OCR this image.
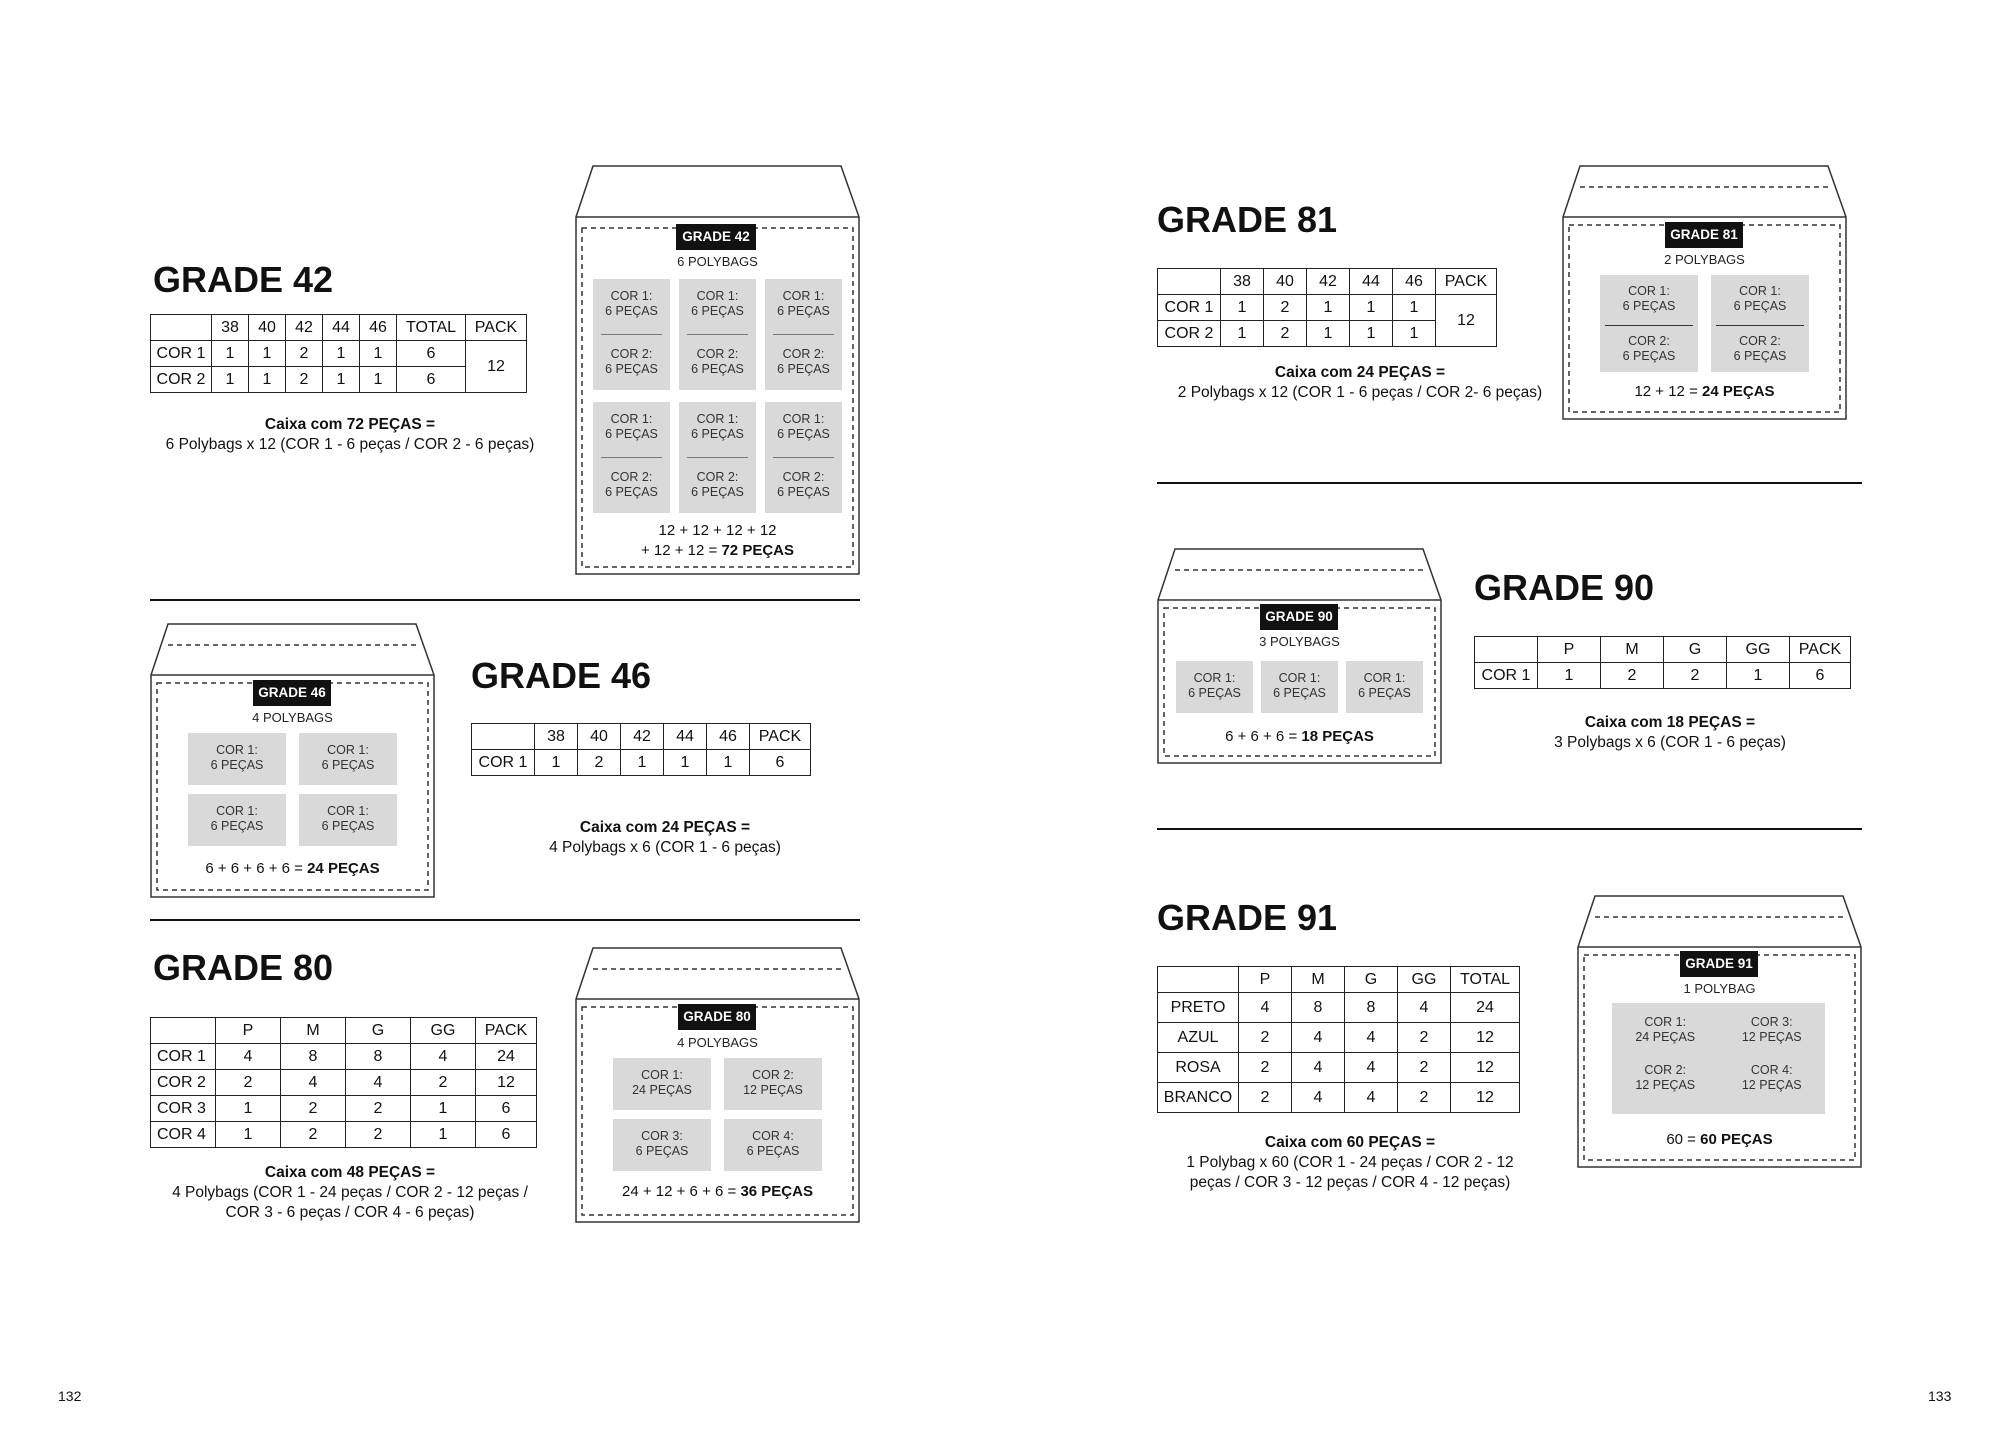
GRADE 42
	38	40	42	44	46	TOTAL	PACK
COR 1	1	1	2	1	1	6	12
COR 2	1	1	2	1	1	6	
Caixa com 72 PEÇAS =
6 Polybags x 12 (COR 1 - 6 peças / COR 2 - 6 peças)
GRADE 42
6 POLYBAGS
COR 1:
6 PEÇAS
COR 2:
6 PEÇAS
COR 1:
6 PEÇAS
COR 2:
6 PEÇAS
COR 1:
6 PEÇAS
COR 2:
6 PEÇAS
COR 1:
6 PEÇAS
COR 2:
6 PEÇAS
COR 1:
6 PEÇAS
COR 2:
6 PEÇAS
COR 1:
6 PEÇAS
COR 2:
6 PEÇAS
12 + 12 + 12 + 12
+ 12 + 12 = 72 PEÇAS
GRADE 46
4 POLYBAGS
COR 1:
6 PEÇAS
COR 1:
6 PEÇAS
COR 1:
6 PEÇAS
COR 1:
6 PEÇAS
6 + 6 + 6 + 6 = 24 PEÇAS
GRADE 46
	38	40	42	44	46	PACK
COR 1	1	2	1	1	1	6
Caixa com 24 PEÇAS =
4 Polybags x 6 (COR 1 - 6 peças)
GRADE 80
	P	M	G	GG	PACK
COR 1	4	8	8	4	24
COR 2	2	4	4	2	12
COR 3	1	2	2	1	6
COR 4	1	2	2	1	6
Caixa com 48 PEÇAS =
4 Polybags (COR 1 - 24 peças / COR 2 - 12 peças /
COR 3 - 6 peças / COR 4 - 6 peças)
GRADE 80
4 POLYBAGS
COR 1:
24 PEÇAS
COR 2:
12 PEÇAS
COR 3:
6 PEÇAS
COR 4:
6 PEÇAS
24 + 12 + 6 + 6 = 36 PEÇAS
132
GRADE 81
	38	40	42	44	46	PACK
COR 1	1	2	1	1	1	12
COR 2	1	2	1	1	1	
Caixa com 24 PEÇAS =
2 Polybags x 12 (COR 1 - 6 peças / COR 2- 6 peças)
GRADE 81
2 POLYBAGS
COR 1:
6 PEÇAS
COR 2:
6 PEÇAS
COR 1:
6 PEÇAS
COR 2:
6 PEÇAS
12 + 12 = 24 PEÇAS
GRADE 90
3 POLYBAGS
COR 1:
6 PEÇAS
COR 1:
6 PEÇAS
COR 1:
6 PEÇAS
6 + 6 + 6 = 18 PEÇAS
GRADE 90
	P	M	G	GG	PACK
COR 1	1	2	2	1	6
Caixa com 18 PEÇAS =
3 Polybags x 6 (COR 1 - 6 peças)
GRADE 91
	P	M	G	GG	TOTAL
PRETO	4	8	8	4	24
AZUL	2	4	4	2	12
ROSA	2	4	4	2	12
BRANCO	2	4	4	2	12
Caixa com 60 PEÇAS =
1 Polybag x 60 (COR 1 - 24 peças / COR 2 - 12
peças / COR 3 - 12 peças / COR 4 - 12 peças)
GRADE 91
1 POLYBAG
COR 1:
24 PEÇAS
COR 3:
12 PEÇAS
COR 2:
12 PEÇAS
COR 4:
12 PEÇAS
60 = 60 PEÇAS
133
